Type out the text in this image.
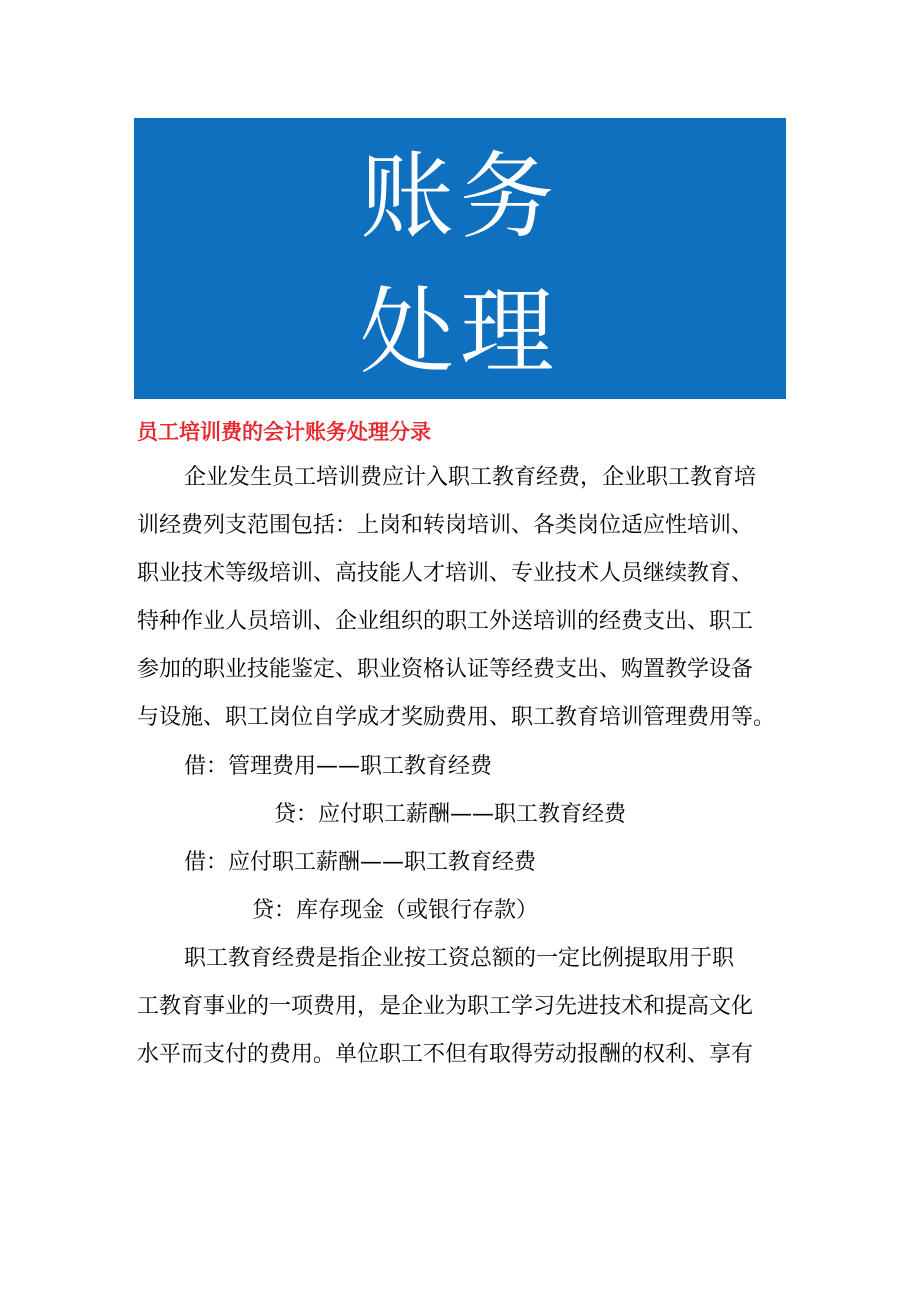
账务
处理
员工培训费的会计账务处理分录
企业发生员工培训费应计入职工教育经费，企业职工教育培
训经费列支范围包括：上岗和转岗培训、各类岗位适应性培训、
职业技术等级培训、高技能人才培训、专业技术人员继续教育、
特种作业人员培训、企业组织的职工外送培训的经费支出、职工
参加的职业技能鉴定、职业资格认证等经费支出、购置教学设备
与设施、职工岗位自学成才奖励费用、职工教育培训管理费用等。
借：管理费用——职工教育经费
贷：应付职工薪酬——职工教育经费
借：应付职工薪酬——职工教育经费
贷：库存现金（或银行存款）
职工教育经费是指企业按工资总额的一定比例提取用于职
工教育事业的一项费用，是企业为职工学习先进技术和提高文化
水平而支付的费用。单位职工不但有取得劳动报酬的权利、享有
